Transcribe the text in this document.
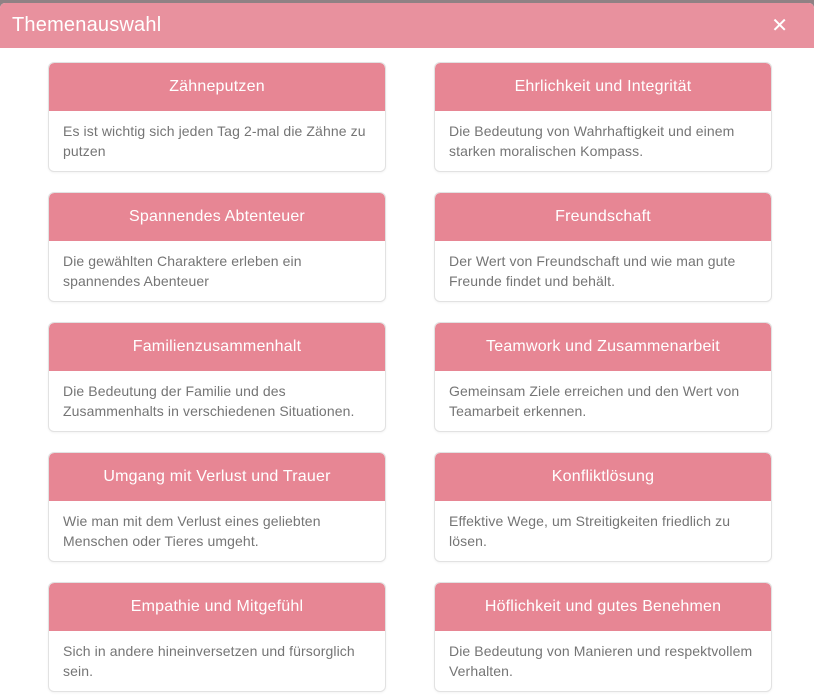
Themenauswahl	✕
Zähneputzen
Es ist wichtig sich jeden Tag 2-mal die Zähne zu putzen
Ehrlichkeit und Integrität
Die Bedeutung von Wahrhaftigkeit und einem starken moralischen Kompass.
Spannendes Abtenteuer
Die gewählten Charaktere erleben ein spannendes Abenteuer
Freundschaft
Der Wert von Freundschaft und wie man gute Freunde findet und behält.
Familienzusammenhalt
Die Bedeutung der Familie und des Zusammenhalts in verschiedenen Situationen.
Teamwork und Zusammenarbeit
Gemeinsam Ziele erreichen und den Wert von Teamarbeit erkennen.
Umgang mit Verlust und Trauer
Wie man mit dem Verlust eines geliebten Menschen oder Tieres umgeht.
Konfliktlösung
Effektive Wege, um Streitigkeiten friedlich zu lösen.
Empathie und Mitgefühl
Sich in andere hineinversetzen und fürsorglich sein.
Höflichkeit und gutes Benehmen
Die Bedeutung von Manieren und respektvollem Verhalten.
